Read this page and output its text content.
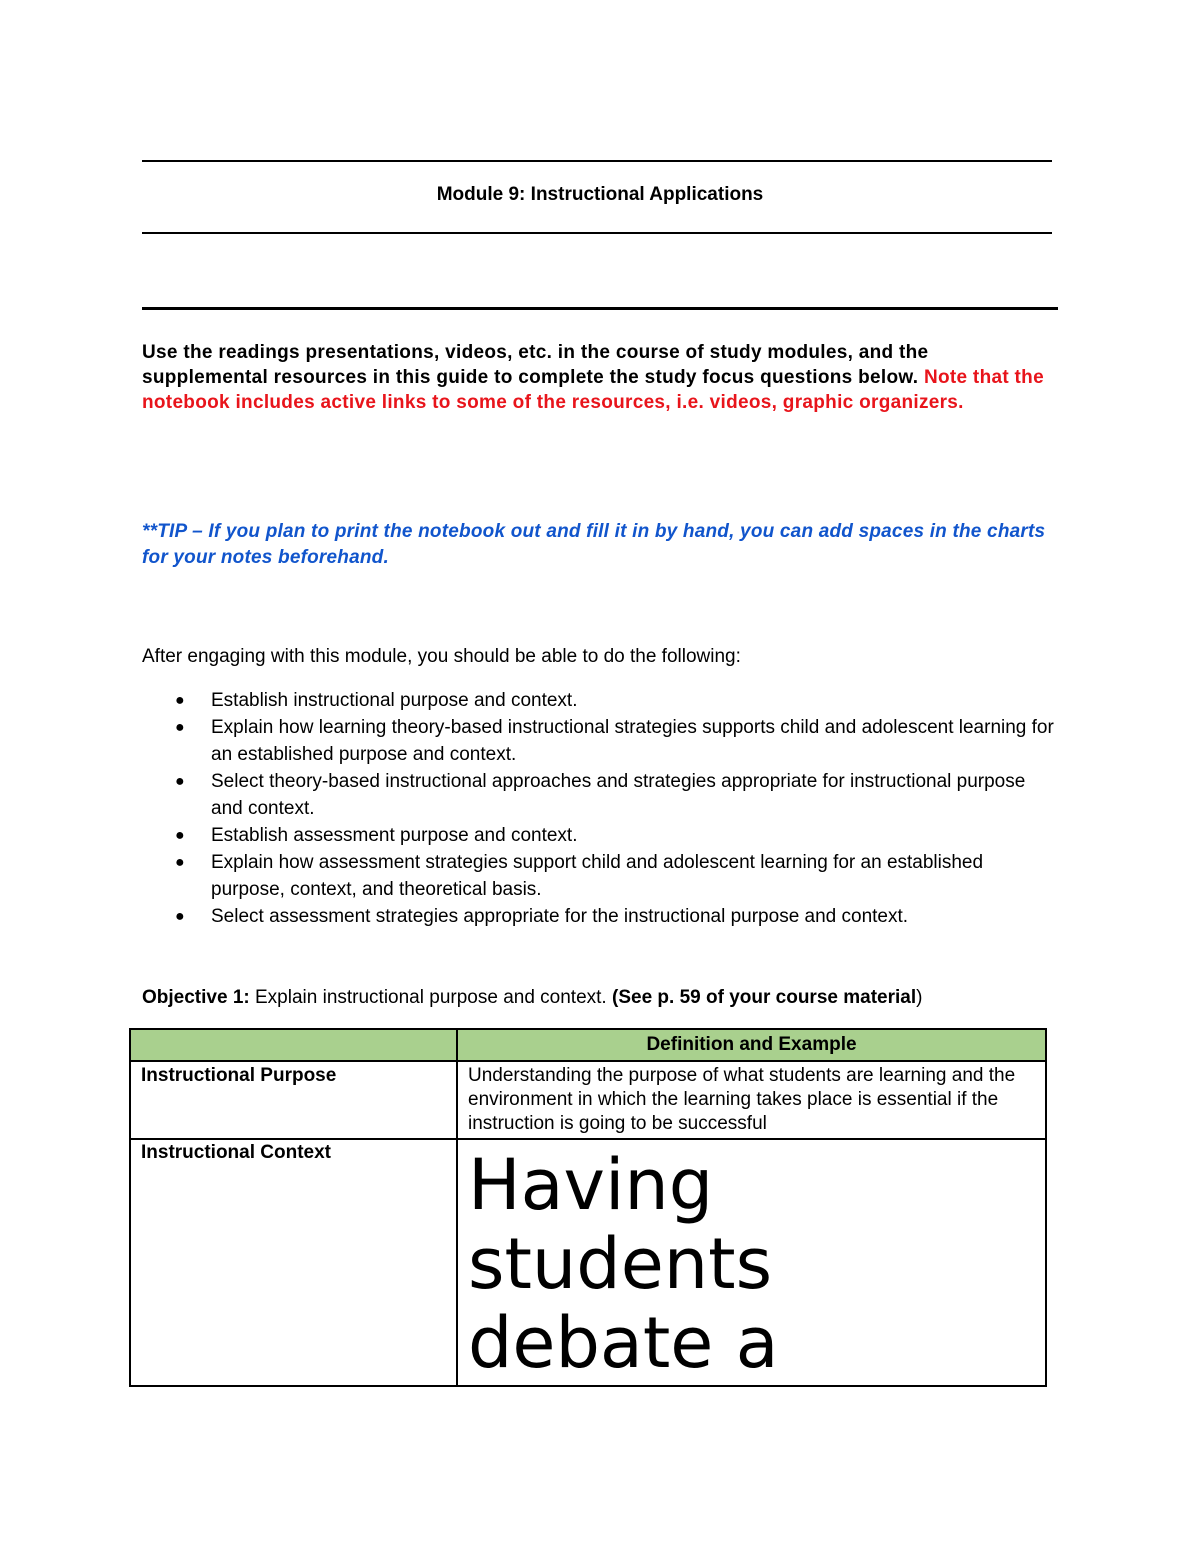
Module 9: Instructional Applications
Use the readings presentations, videos, etc. in the course of study modules, and the supplemental resources in this guide to complete the study focus questions below. Note that the notebook includes active links to some of the resources, i.e. videos, graphic organizers.
**TIP – If you plan to print the notebook out and fill it in by hand, you can add spaces in the charts for your notes beforehand.
After engaging with this module, you should be able to do the following:
● Establish instructional purpose and context.
● Explain how learning theory-based instructional strategies supports child and adolescent learning for an established purpose and context.
● Select theory-based instructional approaches and strategies appropriate for instructional purpose and context.
● Establish assessment purpose and context.
● Explain how assessment strategies support child and adolescent learning for an established purpose, context, and theoretical basis.
● Select assessment strategies appropriate for the instructional purpose and context.
Objective 1: Explain instructional purpose and context. (See p. 59 of your course material)
	Definition and Example
Instructional Purpose	Understanding the purpose of what students are learning and the environment in which the learning takes place is essential if the instruction is going to be successful
Instructional Context	Having students debate a
